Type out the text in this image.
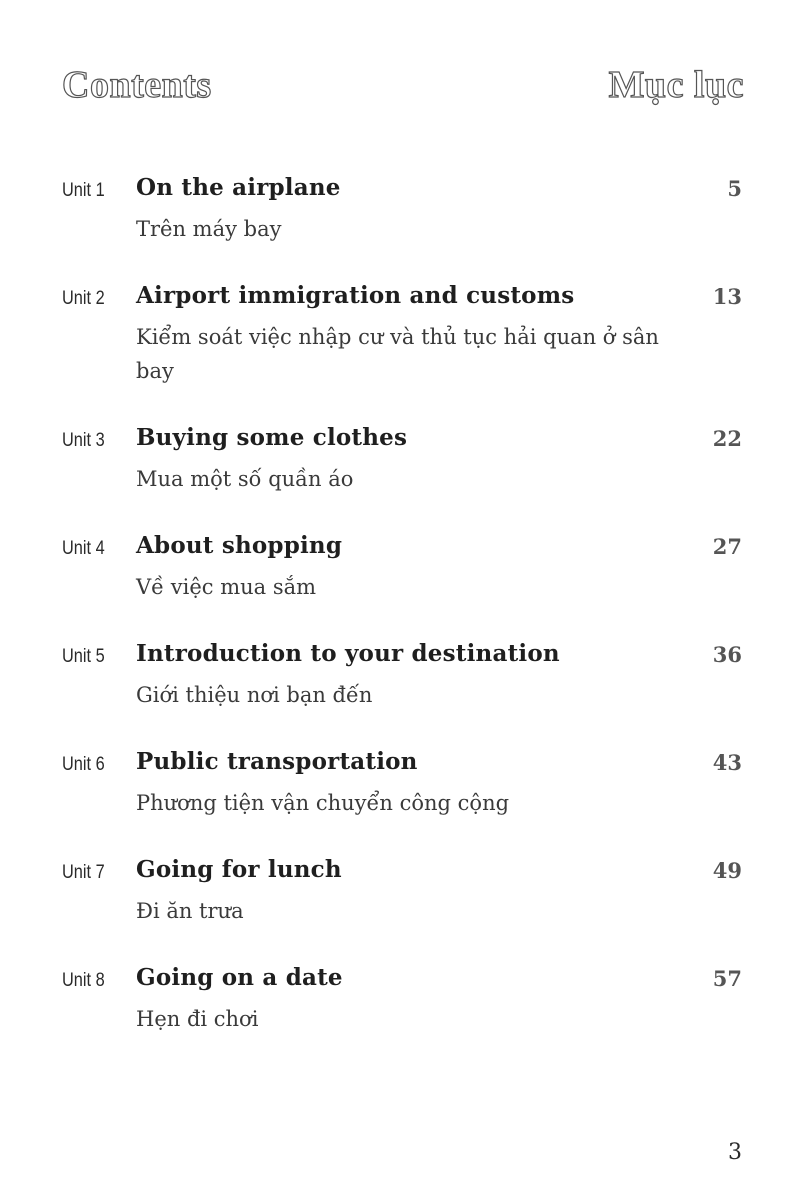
Contents	Mục lục
Unit 1 On the airplane	5
Trên máy bay
Unit 2 Airport immigration and customs	13
Kiểm soát việc nhập cư và thủ tục hải quan ở sân bay
Unit 3 Buying some clothes	22
Mua một số quần áo
Unit 4 About shopping	27
Về việc mua sắm
Unit 5 Introduction to your destination	36
Giới thiệu nơi bạn đến
Unit 6 Public transportation	43
Phương tiện vận chuyển công cộng
Unit 7 Going for lunch	49
Đi ăn trưa
Unit 8 Going on a date	57
Hẹn đi chơi
3
